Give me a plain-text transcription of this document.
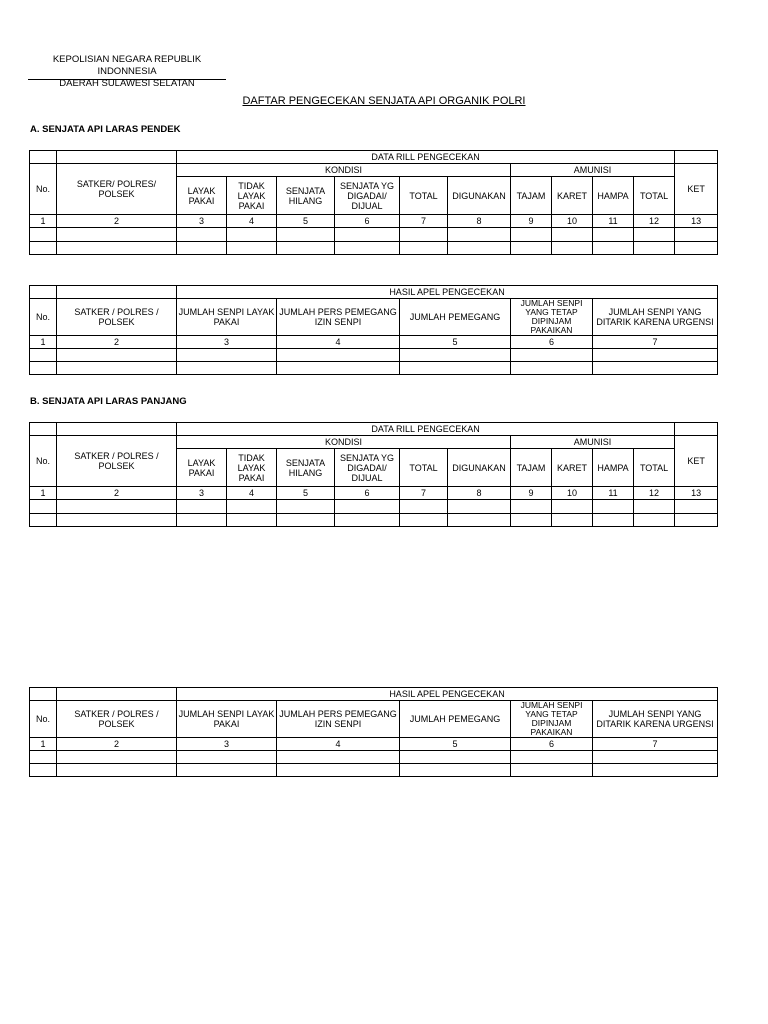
KEPOLISIAN NEGARA REPUBLIK INDONNESIA
DAERAH SULAWESI SELATAN
DAFTAR PENGECEKAN SENJATA API ORGANIK POLRI
A. SENJATA API LARAS PENDEK
		DATA RILL PENGECEKAN										
No.	SATKER/ POLRES/ POLSEK	KONDISI						AMUNISI				KET
		LAYAK PAKAI	TIDAK LAYAK PAKAI	SENJATA HILANG	SENJATA YG DIGADAI/ DIJUAL	TOTAL	DIGUNAKAN	TAJAM	KARET	HAMPA	TOTAL	
1	2	3	4	5	6	7	8	9	10	11	12	13

		HASIL APEL PENGECEKAN				
No.	SATKER / POLRES / POLSEK	JUMLAH SENPI LAYAK PAKAI	JUMLAH PERS PEMEGANG IZIN SENPI	JUMLAH PEMEGANG	JUMLAH SENPI YANG TETAP DIPINJAM PAKAIKAN	JUMLAH SENPI YANG DITARIK KARENA URGENSI
1	2	3	4	5	6	7

B. SENJATA API LARAS PANJANG
		DATA RILL PENGECEKAN										
No.	SATKER / POLRES / POLSEK	KONDISI						AMUNISI				KET
		LAYAK PAKAI	TIDAK LAYAK PAKAI	SENJATA HILANG	SENJATA YG DIGADAI/ DIJUAL	TOTAL	DIGUNAKAN	TAJAM	KARET	HAMPA	TOTAL	
1	2	3	4	5	6	7	8	9	10	11	12	13

		HASIL APEL PENGECEKAN				
No.	SATKER / POLRES / POLSEK	JUMLAH SENPI LAYAK PAKAI	JUMLAH PERS PEMEGANG IZIN SENPI	JUMLAH PEMEGANG	JUMLAH SENPI YANG TETAP DIPINJAM PAKAIKAN	JUMLAH SENPI YANG DITARIK KARENA URGENSI
1	2	3	4	5	6	7
